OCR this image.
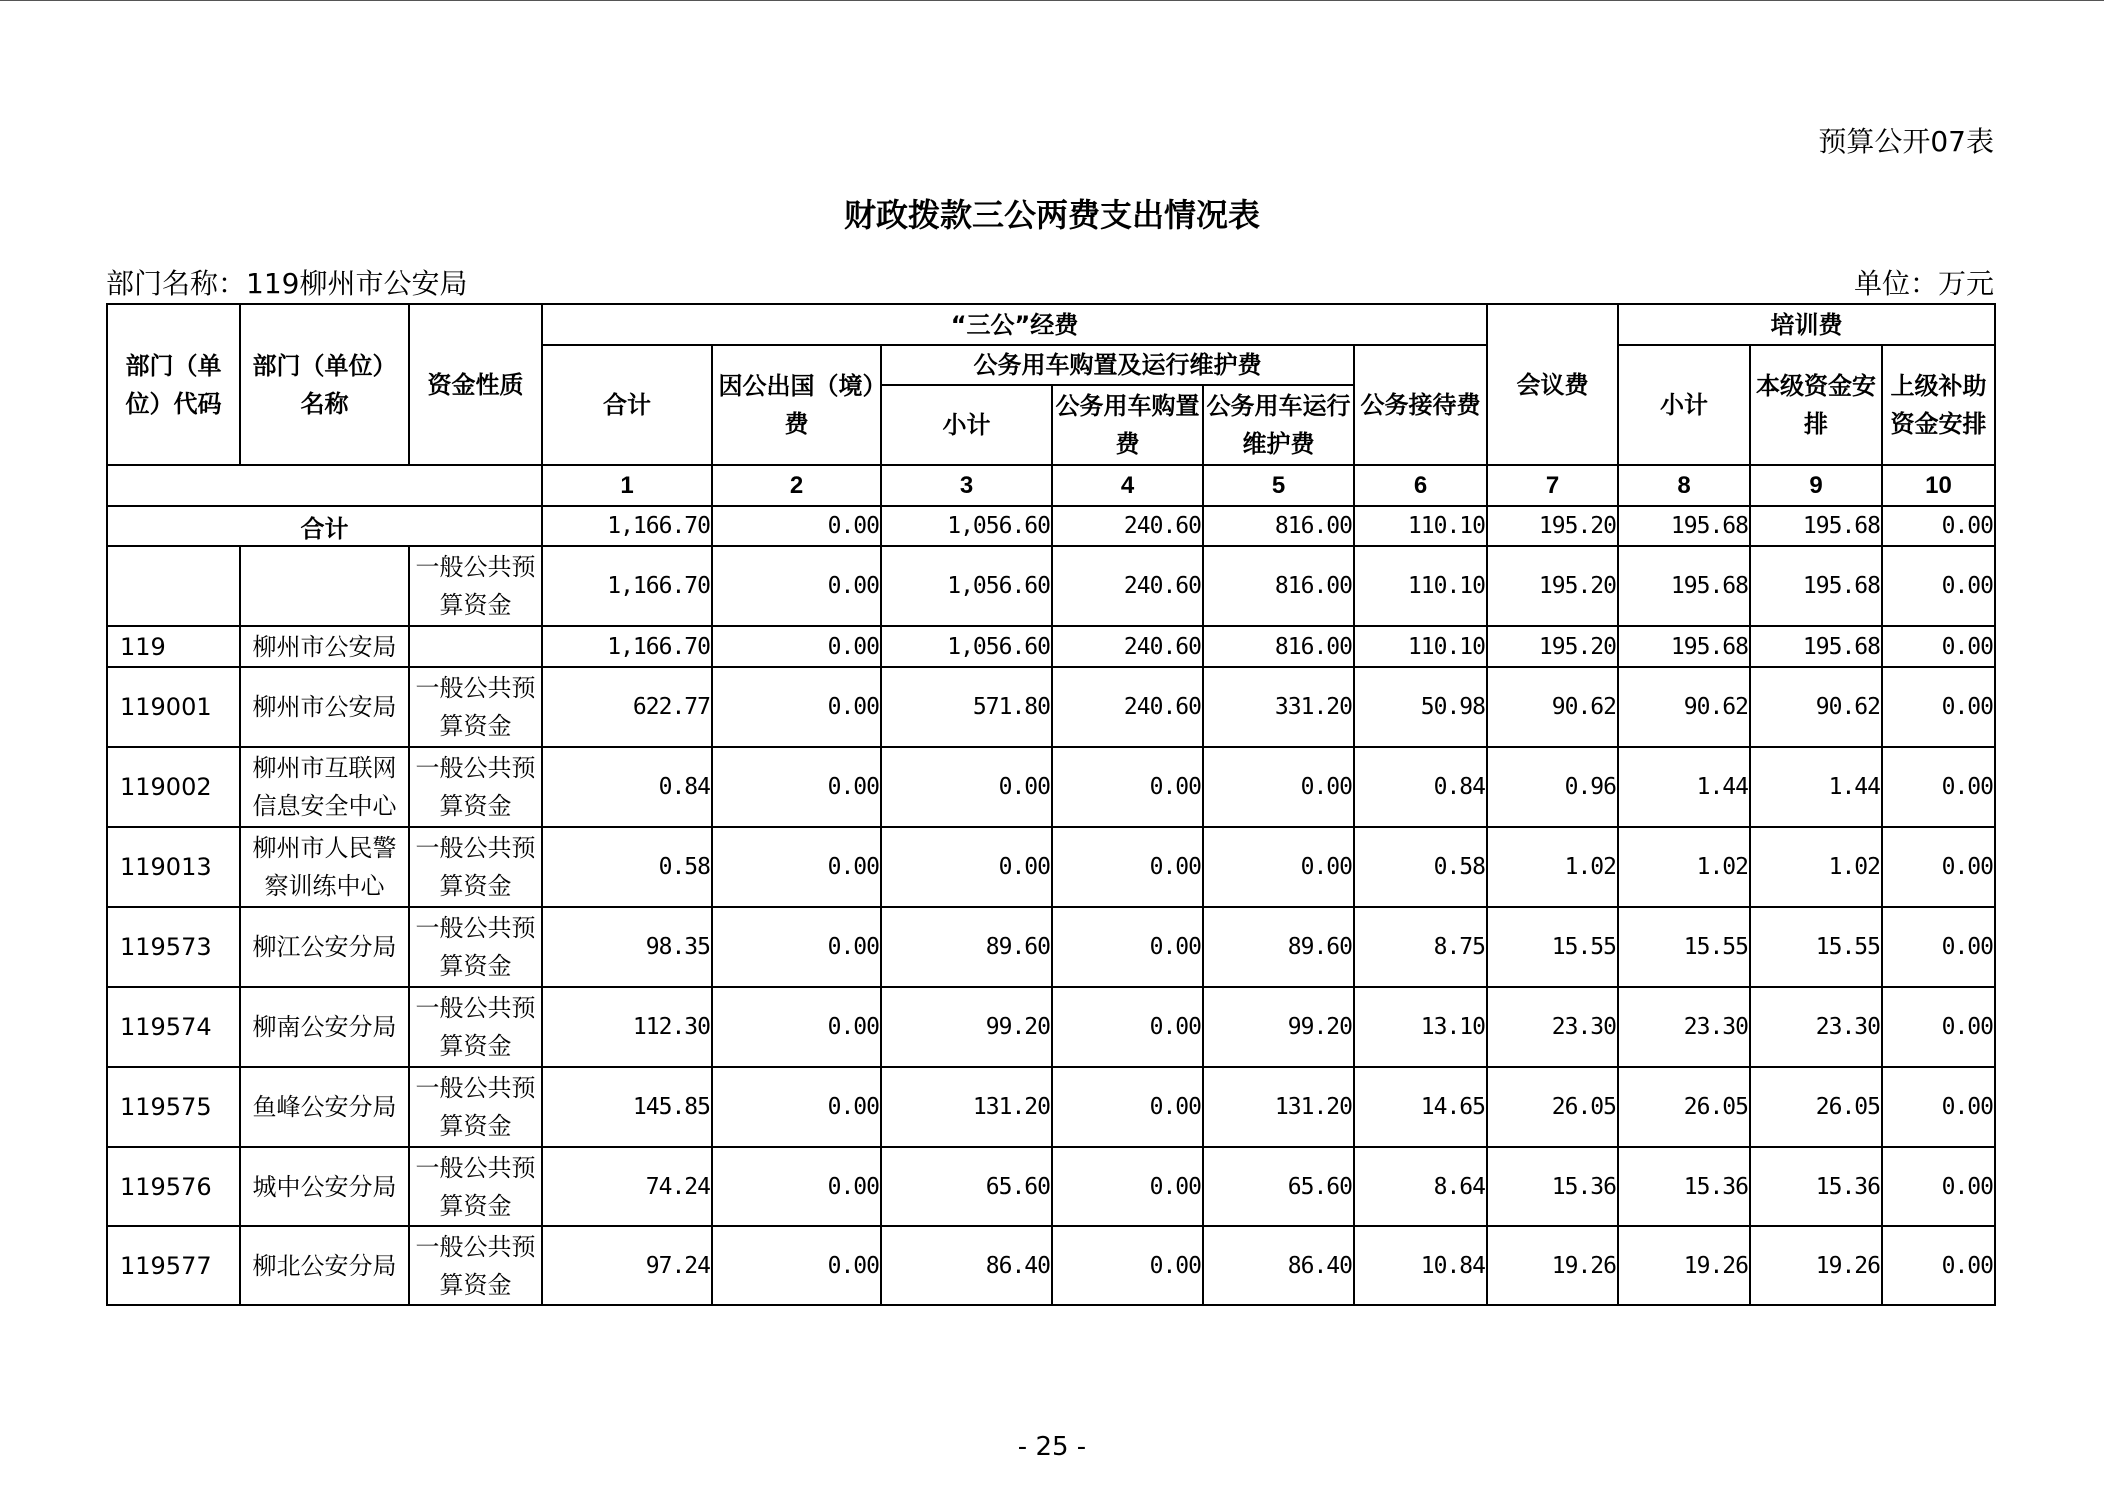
预算公开07表
财政拨款三公两费支出情况表
部门名称：119柳州市公安局	单位：万元
部门（单位）代码	部门（单位）名称	资金性质	“三公”经费						会议费	培训费		
			合计	因公出国（境）费	公务用车购置及运行维护费			公务接待费		小计	本级资金安排	上级补助资金安排
					小计	公务用车购置费	公务用车运行维护费					
			1	2	3	4	5	6	7	8	9	10
合计			1,166.70	0.00	1,056.60	240.60	816.00	110.10	195.20	195.68	195.68	0.00
		一般公共预算资金	1,166.70	0.00	1,056.60	240.60	816.00	110.10	195.20	195.68	195.68	0.00
119	柳州市公安局		1,166.70	0.00	1,056.60	240.60	816.00	110.10	195.20	195.68	195.68	0.00
119001	柳州市公安局	一般公共预算资金	622.77	0.00	571.80	240.60	331.20	50.98	90.62	90.62	90.62	0.00
119002	柳州市互联网信息安全中心	一般公共预算资金	0.84	0.00	0.00	0.00	0.00	0.84	0.96	1.44	1.44	0.00
119013	柳州市人民警察训练中心	一般公共预算资金	0.58	0.00	0.00	0.00	0.00	0.58	1.02	1.02	1.02	0.00
119573	柳江公安分局	一般公共预算资金	98.35	0.00	89.60	0.00	89.60	8.75	15.55	15.55	15.55	0.00
119574	柳南公安分局	一般公共预算资金	112.30	0.00	99.20	0.00	99.20	13.10	23.30	23.30	23.30	0.00
119575	鱼峰公安分局	一般公共预算资金	145.85	0.00	131.20	0.00	131.20	14.65	26.05	26.05	26.05	0.00
119576	城中公安分局	一般公共预算资金	74.24	0.00	65.60	0.00	65.60	8.64	15.36	15.36	15.36	0.00
119577	柳北公安分局	一般公共预算资金	97.24	0.00	86.40	0.00	86.40	10.84	19.26	19.26	19.26	0.00
- 25 -
